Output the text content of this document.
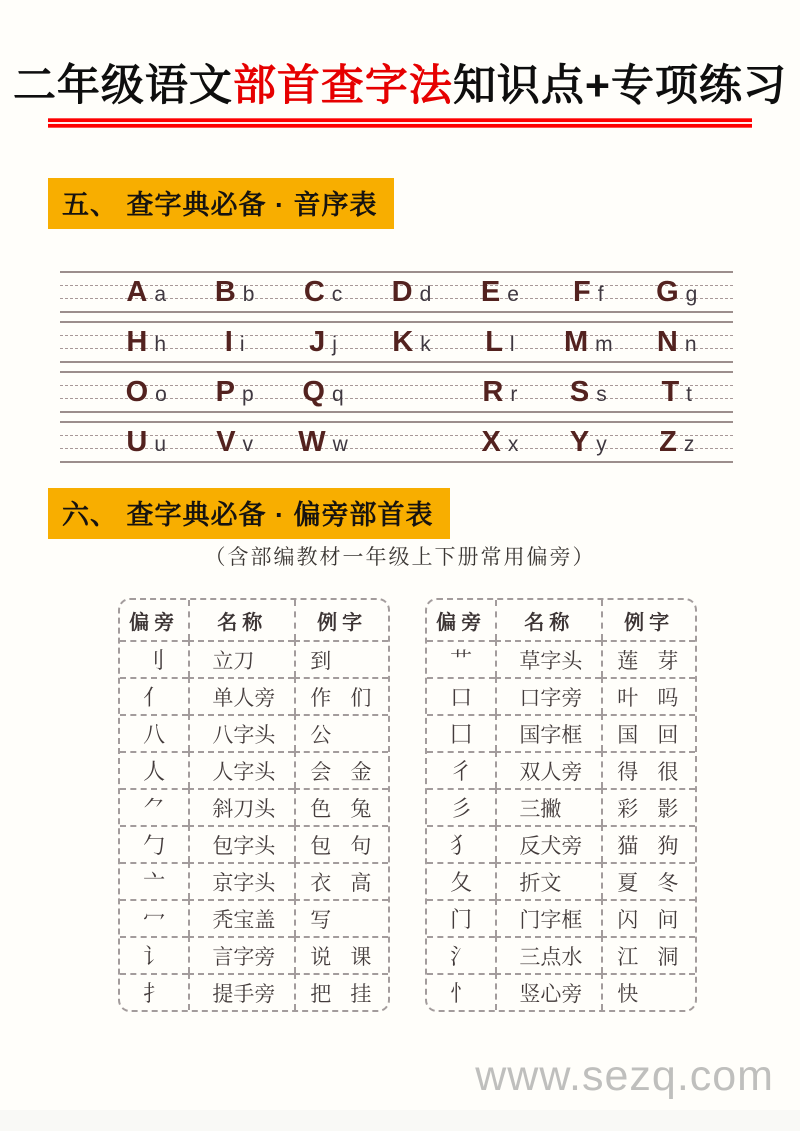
二年级语文部首查字法知识点+专项练习
五、 查字典必备 · 音序表
A a B b C c D d E e F f G g
H h I i J j K k L l M m N n
O o P p Q q	R r S s T t
U u V v W w	X x Y y Z z
六、 查字典必备 · 偏旁部首表
（含部编教材一年级上下册常用偏旁）
偏旁	名称	例字
刂	立刀	到
亻	单人旁	作 们
八	八字头	公
人	人字头	会 金
⺈	斜刀头	色 兔
勹	包字头	包 句
亠	京字头	衣 高
冖	秃宝盖	写
讠	言字旁	说 课
扌	提手旁	把 挂
偏旁	名称	例字
艹	草字头	莲 芽
口	口字旁	叶 吗
囗	国字框	国 回
彳	双人旁	得 很
彡	三撇	彩 影
犭	反犬旁	猫 狗
夂	折文	夏 冬
门	门字框	闪 问
氵	三点水	江 洞
忄	竖心旁	快
www.sezq.com
